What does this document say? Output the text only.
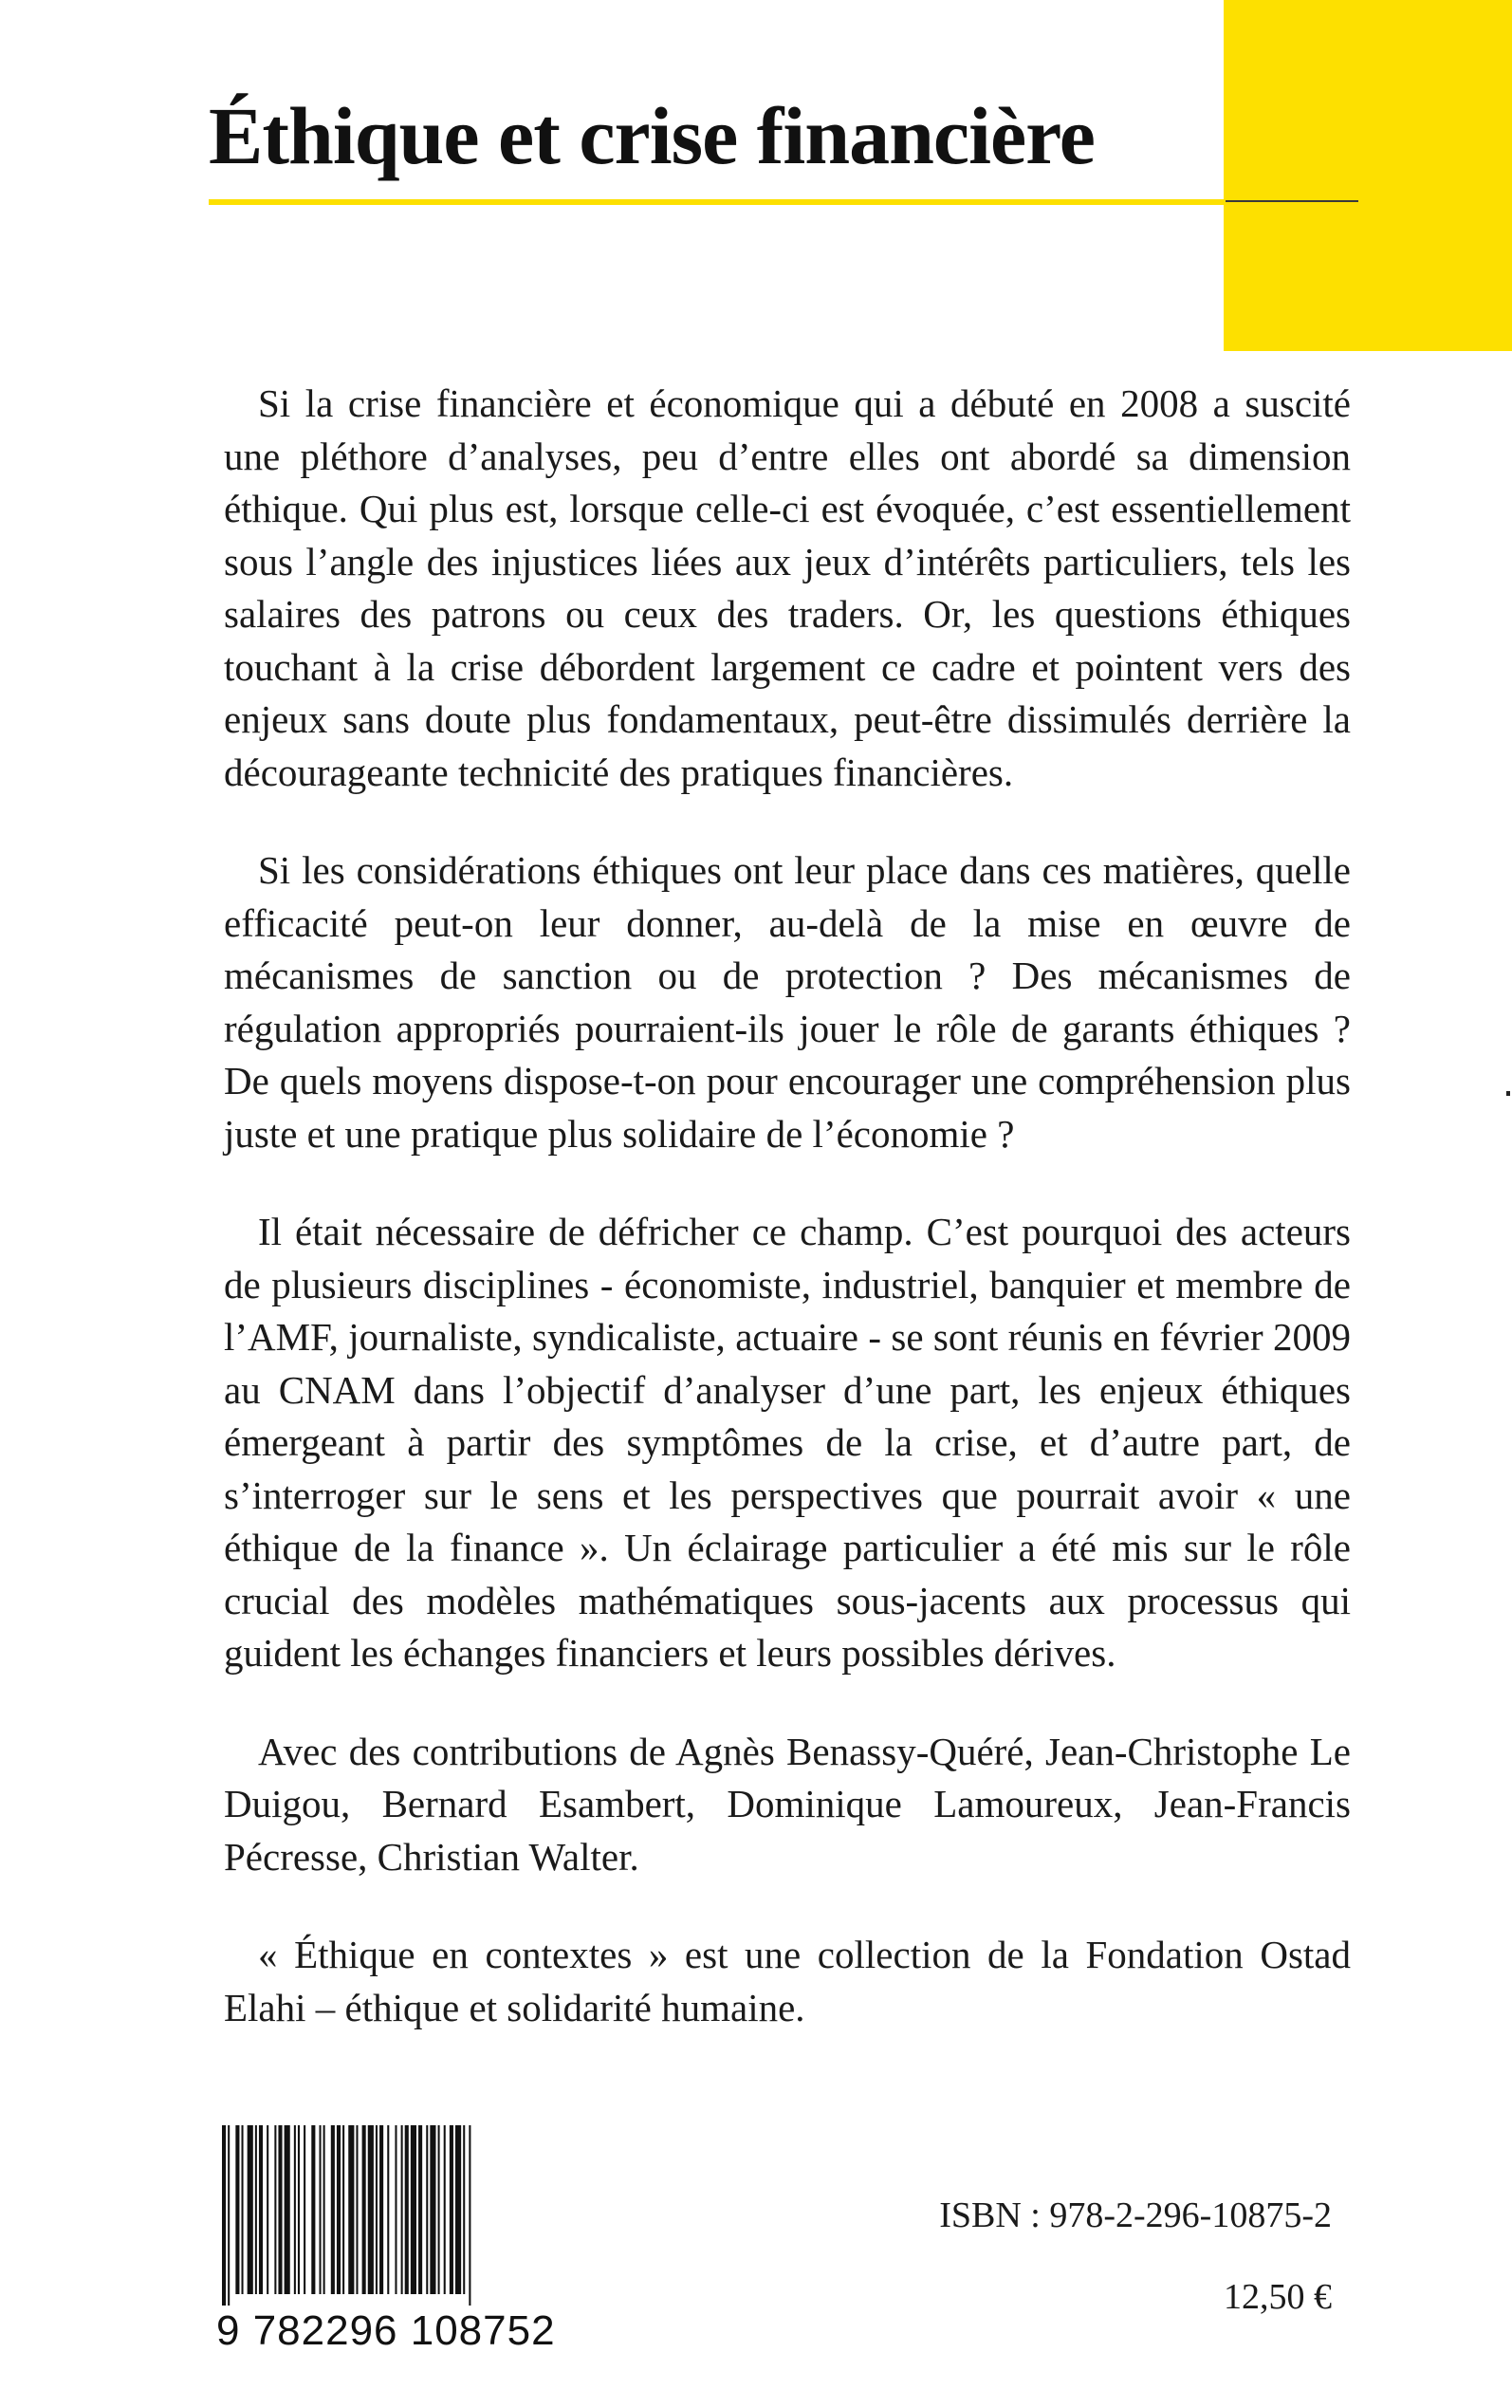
Éthique et crise financière

Si la crise financière et économique qui a débuté en 2008 a suscité une pléthore d’analyses, peu d’entre elles ont abordé sa dimension éthique. Qui plus est, lorsque celle-ci est évoquée, c’est essentiellement sous l’angle des injustices liées aux jeux d’intérêts particuliers, tels les salaires des patrons ou ceux des traders. Or, les questions éthiques touchant à la crise débordent largement ce cadre et pointent vers des enjeux sans doute plus fondamentaux, peut-être dissimulés derrière la décourageante technicité des pratiques financières.

Si les considérations éthiques ont leur place dans ces matières, quelle efficacité peut-on leur donner, au-delà de la mise en œuvre de mécanismes de sanction ou de protection ? Des mécanismes de régulation appropriés pourraient-ils jouer le rôle de garants éthiques ? De quels moyens dispose-t-on pour encourager une compréhension plus juste et une pratique plus solidaire de l’économie ?

Il était nécessaire de défricher ce champ. C’est pourquoi des acteurs de plusieurs disciplines - économiste, industriel, banquier et membre de l’AMF, journaliste, syndicaliste, actuaire - se sont réunis en février 2009 au CNAM dans l’objectif d’analyser d’une part, les enjeux éthiques émergeant à partir des symptômes de la crise, et d’autre part, de s’interroger sur le sens et les perspectives que pourrait avoir « une éthique de la finance ». Un éclairage particulier a été mis sur le rôle crucial des modèles mathématiques sous-jacents aux processus qui guident les échanges financiers et leurs possibles dérives.

Avec des contributions de Agnès Benassy-Quéré, Jean-Christophe Le Duigou, Bernard Esambert, Dominique Lamoureux, Jean-Francis Pécresse, Christian Walter.

« Éthique en contextes » est une collection de la Fondation Ostad Elahi – éthique et solidarité humaine.

9 782296 108752
ISBN : 978-2-296-10875-2
12,50 €
